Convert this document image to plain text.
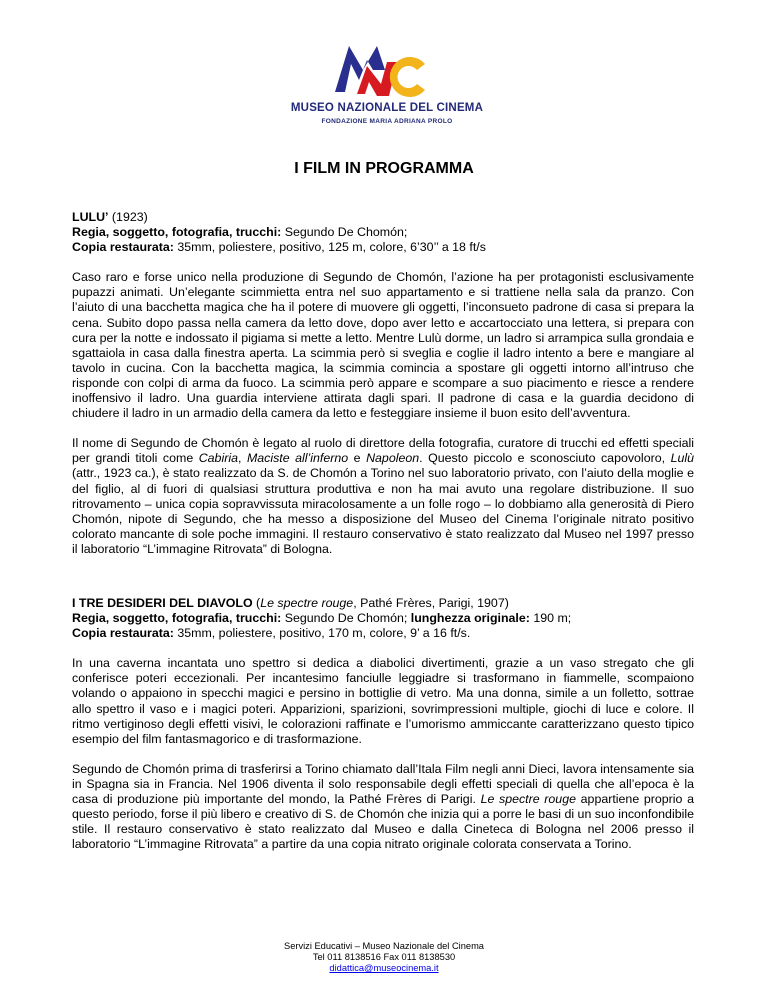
MUSEO NAZIONALE DEL CINEMA
FONDAZIONE MARIA ADRIANA PROLO
I FILM IN PROGRAMMA

LULU’ (1923)
Regia, soggetto, fotografia, trucchi: Segundo De Chomón;
Copia restaurata: 35mm, poliestere, positivo, 125 m, colore, 6’30’’ a 18 ft/s

Caso raro e forse unico nella produzione di Segundo de Chomón, l’azione ha per protagonisti esclusivamente pupazzi animati. Un’elegante scimmietta entra nel suo appartamento e si trattiene nella sala da pranzo. Con l’aiuto di una bacchetta magica che ha il potere di muovere gli oggetti, l’inconsueto padrone di casa si prepara la cena. Subito dopo passa nella camera da letto dove, dopo aver letto e accartocciato una lettera, si prepara con cura per la notte e indossato il pigiama si mette a letto. Mentre Lulù dorme, un ladro si arrampica sulla grondaia e sgattaiola in casa dalla finestra aperta. La scimmia però si sveglia e coglie il ladro intento a bere e mangiare al tavolo in cucina. Con la bacchetta magica, la scimmia comincia a spostare gli oggetti intorno all’intruso che risponde con colpi di arma da fuoco. La scimmia però appare e scompare a suo piacimento e riesce a rendere inoffensivo il ladro. Una guardia interviene attirata dagli spari. Il padrone di casa e la guardia decidono di chiudere il ladro in un armadio della camera da letto e festeggiare insieme il buon esito dell’avventura.

Il nome di Segundo de Chomón è legato al ruolo di direttore della fotografia, curatore di trucchi ed effetti speciali per grandi titoli come Cabiria, Maciste all’inferno e Napoleon. Questo piccolo e sconosciuto capovoloro, Lulù (attr., 1923 ca.), è stato realizzato da S. de Chomón a Torino nel suo laboratorio privato, con l’aiuto della moglie e del figlio, al di fuori di qualsiasi struttura produttiva e non ha mai avuto una regolare distribuzione. Il suo ritrovamento – unica copia sopravvissuta miracolosamente a un folle rogo – lo dobbiamo alla generosità di Piero Chomón, nipote di Segundo, che ha messo a disposizione del Museo del Cinema l’originale nitrato positivo colorato mancante di sole poche immagini. Il restauro conservativo è stato realizzato dal Museo nel 1997 presso il laboratorio “L’immagine Ritrovata” di Bologna.

I TRE DESIDERI DEL DIAVOLO (Le spectre rouge, Pathé Frères, Parigi, 1907)
Regia, soggetto, fotografia, trucchi: Segundo De Chomón; lunghezza originale: 190 m;
Copia restaurata: 35mm, poliestere, positivo, 170 m, colore, 9’ a 16 ft/s.

In una caverna incantata uno spettro si dedica a diabolici divertimenti, grazie a un vaso stregato che gli conferisce poteri eccezionali. Per incantesimo fanciulle leggiadre si trasformano in fiammelle, scompaiono volando o appaiono in specchi magici e persino in bottiglie di vetro. Ma una donna, simile a un folletto, sottrae allo spettro il vaso e i magici poteri. Apparizioni, sparizioni, sovrimpressioni multiple, giochi di luce e colore. Il ritmo vertiginoso degli effetti visivi, le colorazioni raffinate e l’umorismo ammiccante caratterizzano questo tipico esempio del film fantasmagorico e di trasformazione.

Segundo de Chomón prima di trasferirsi a Torino chiamato dall’Itala Film negli anni Dieci, lavora intensamente sia in Spagna sia in Francia. Nel 1906 diventa il solo responsabile degli effetti speciali di quella che all’epoca è la casa di produzione più importante del mondo, la Pathé Frères di Parigi. Le spectre rouge appartiene proprio a questo periodo, forse il più libero e creativo di S. de Chomón che inizia qui a porre le basi di un suo inconfondibile stile. Il restauro conservativo è stato realizzato dal Museo e dalla Cineteca di Bologna nel 2006 presso il laboratorio “L’immagine Ritrovata” a partire da una copia nitrato originale colorata conservata a Torino.

Servizi Educativi – Museo Nazionale del Cinema
Tel 011 8138516 Fax 011 8138530
didattica@museocinema.it
